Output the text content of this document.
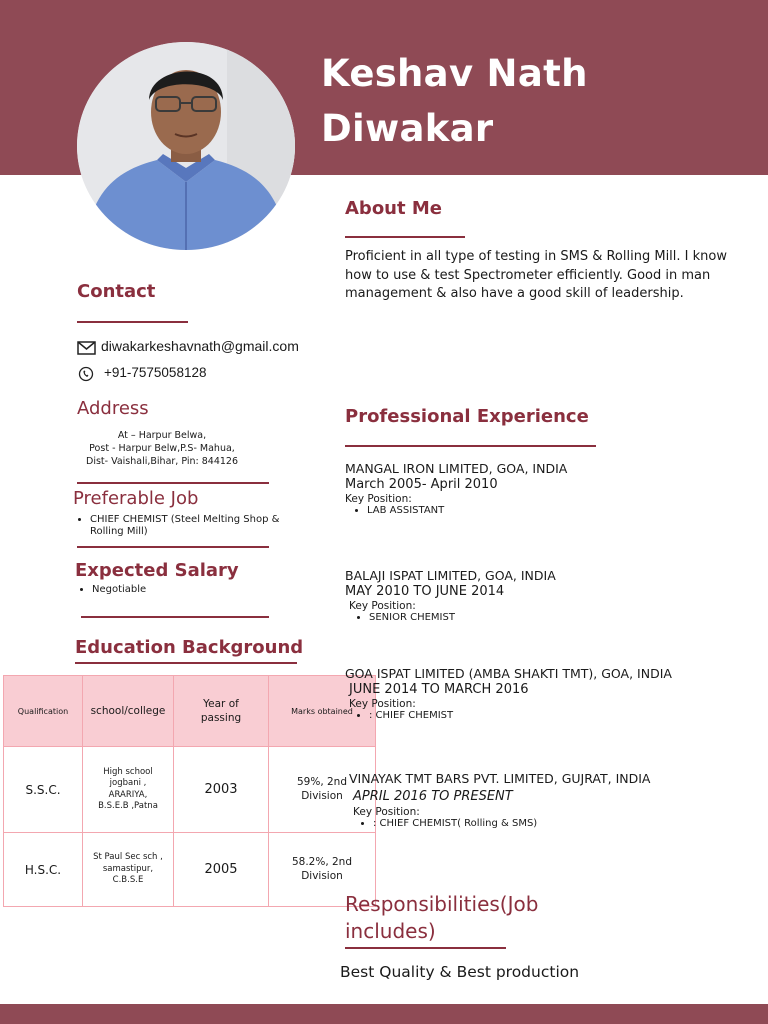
Keshav Nath
Diwakar
About Me
Proficient in all type of testing in SMS & Rolling Mill. I know how to use & test Spectrometer efficiently. Good in man management & also have a good skill of leadership.
Contact
diwakarkeshavnath@gmail.com
+91-7575058128
Address
At – Harpur Belwa,
Post - Harpur Belw,P.S- Mahua,
Dist- Vaishali,Bihar, Pin: 844126
Preferable Job
• CHIEF CHEMIST (Steel Melting Shop & Rolling Mill)
Expected Salary
• Negotiable
Education Background
Qualification	school/college	Year of passing	Marks obtained
S.S.C.	High school jogbani , ARARIYA, B.S.E.B ,Patna	2003	59%, 2nd Division
H.S.C.	St Paul Sec sch , samastipur, C.B.S.E	2005	58.2%, 2nd Division
Professional Experience
MANGAL IRON LIMITED, GOA, INDIA
March 2005- April 2010
Key Position:
• LAB ASSISTANT
BALAJI ISPAT LIMITED, GOA, INDIA
MAY 2010 TO JUNE 2014
Key Position:
• SENIOR CHEMIST
GOA ISPAT LIMITED (AMBA SHAKTI TMT), GOA, INDIA
JUNE 2014 TO MARCH 2016
Key Position:
• : CHIEF CHEMIST
VINAYAK TMT BARS PVT. LIMITED, GUJRAT, INDIA
APRIL 2016 TO PRESENT
Key Position:
• : CHIEF CHEMIST( Rolling & SMS)
Responsibilities(Job
includes)
Best Quality & Best production
